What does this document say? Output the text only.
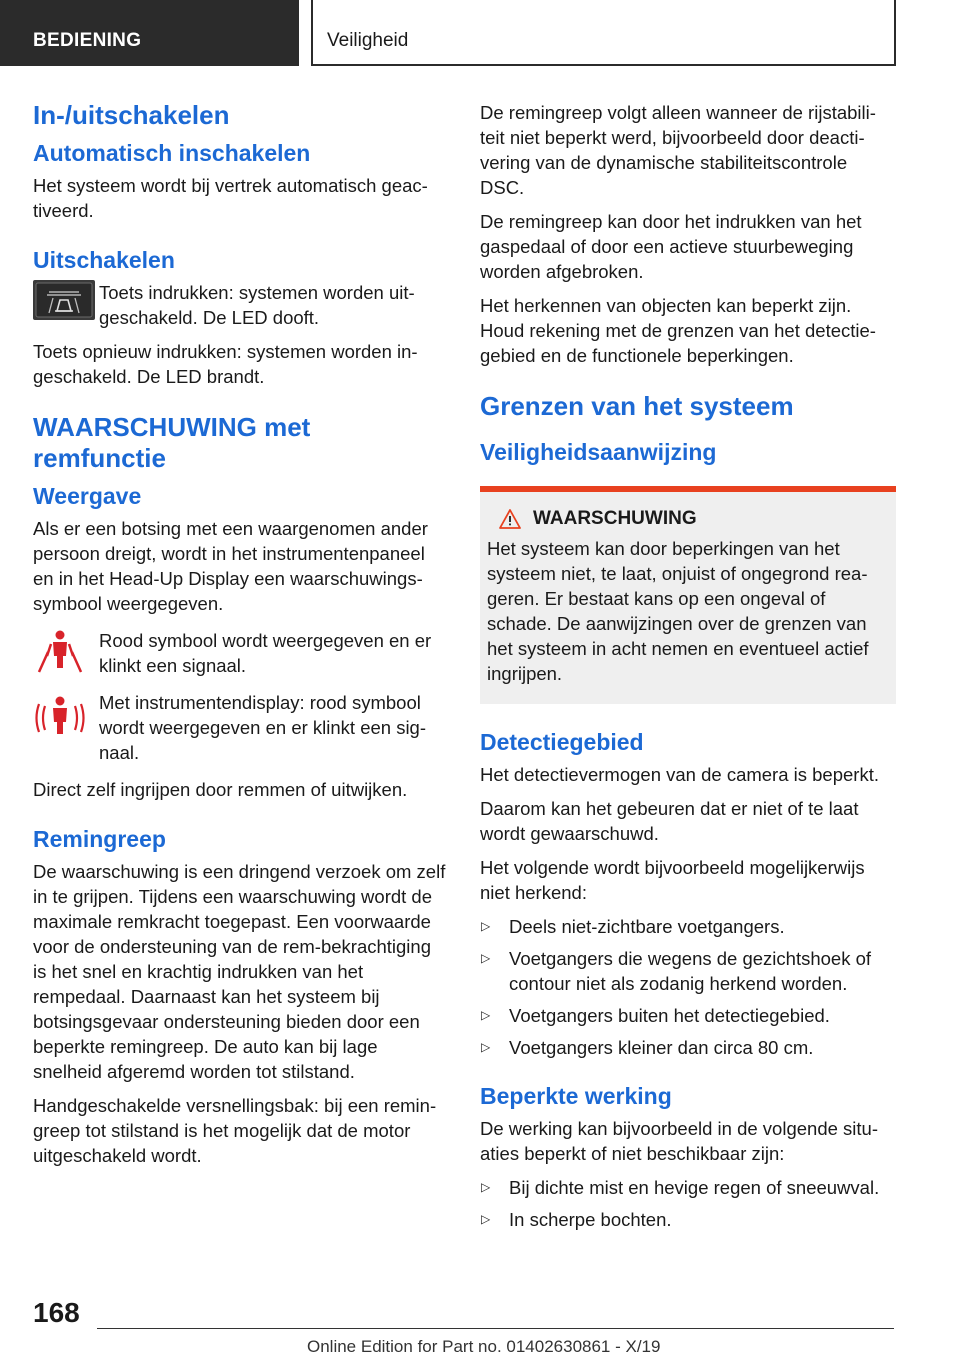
BEDIENING	Veiligheid
In-/uitschakelen
Automatisch inschakelen

Het systeem wordt bij vertrek automatisch geac‐tiveerd.

Uitschakelen
Toets indrukken: systemen worden uit‐geschakeld. De LED dooft.

Toets opnieuw indrukken: systemen worden in‐geschakeld. De LED brandt.

WAARSCHUWING met remfunctie
Weergave

Als er een botsing met een waargenomen ander persoon dreigt, wordt in het instrumentenpaneel en in het Head-Up Display een waarschuwings‐symbool weergegeven.

Rood symbool wordt weergegeven en er klinkt een signaal.
Met instrumentendisplay: rood symbool wordt weergegeven en er klinkt een sig‐naal.

Direct zelf ingrijpen door remmen of uitwijken.

Remingreep

De waarschuwing is een dringend verzoek om zelf in te grijpen. Tijdens een waarschuwing wordt de maximale remkracht toegepast. Een voorwaarde voor de ondersteuning van de rem‐bekrachtiging is het snel en krachtig indrukken van het rempedaal. Daarnaast kan het systeem bij botsingsgevaar ondersteuning bieden door een beperkte remingreep. De auto kan bij lage snelheid afgeremd worden tot stilstand.

Handgeschakelde versnellingsbak: bij een remin‐greep tot stilstand is het mogelijk dat de motor uitgeschakeld wordt.

De remingreep volgt alleen wanneer de rijstabili‐teit niet beperkt werd, bijvoorbeeld door deacti‐vering van de dynamische stabiliteitscontrole DSC.

De remingreep kan door het indrukken van het gaspedaal of door een actieve stuurbeweging worden afgebroken.

Het herkennen van objecten kan beperkt zijn. Houd rekening met de grenzen van het detectie‐gebied en de functionele beperkingen.

Grenzen van het systeem
Veiligheidsaanwijzing
WAARSCHUWING

Het systeem kan door beperkingen van het systeem niet, te laat, onjuist of ongegrond rea‐geren. Er bestaat kans op een ongeval of schade. De aanwijzingen over de grenzen van het systeem in acht nemen en eventueel actief ingrijpen.

Detectiegebied

Het detectievermogen van de camera is beperkt.

Daarom kan het gebeuren dat er niet of te laat wordt gewaarschuwd.

Het volgende wordt bijvoorbeeld mogelijkerwijs niet herkend:

▷ Deels niet-zichtbare voetgangers.
▷ Voetgangers die wegens de gezichtshoek of contour niet als zodanig herkend worden.
▷ Voetgangers buiten het detectiegebied.
▷ Voetgangers kleiner dan circa 80 cm.
Beperkte werking

De werking kan bijvoorbeeld in de volgende situ‐aties beperkt of niet beschikbaar zijn:

▷ Bij dichte mist en hevige regen of sneeuwval.
▷ In scherpe bochten.
168
Online Edition for Part no. 01402630861 - X/19
